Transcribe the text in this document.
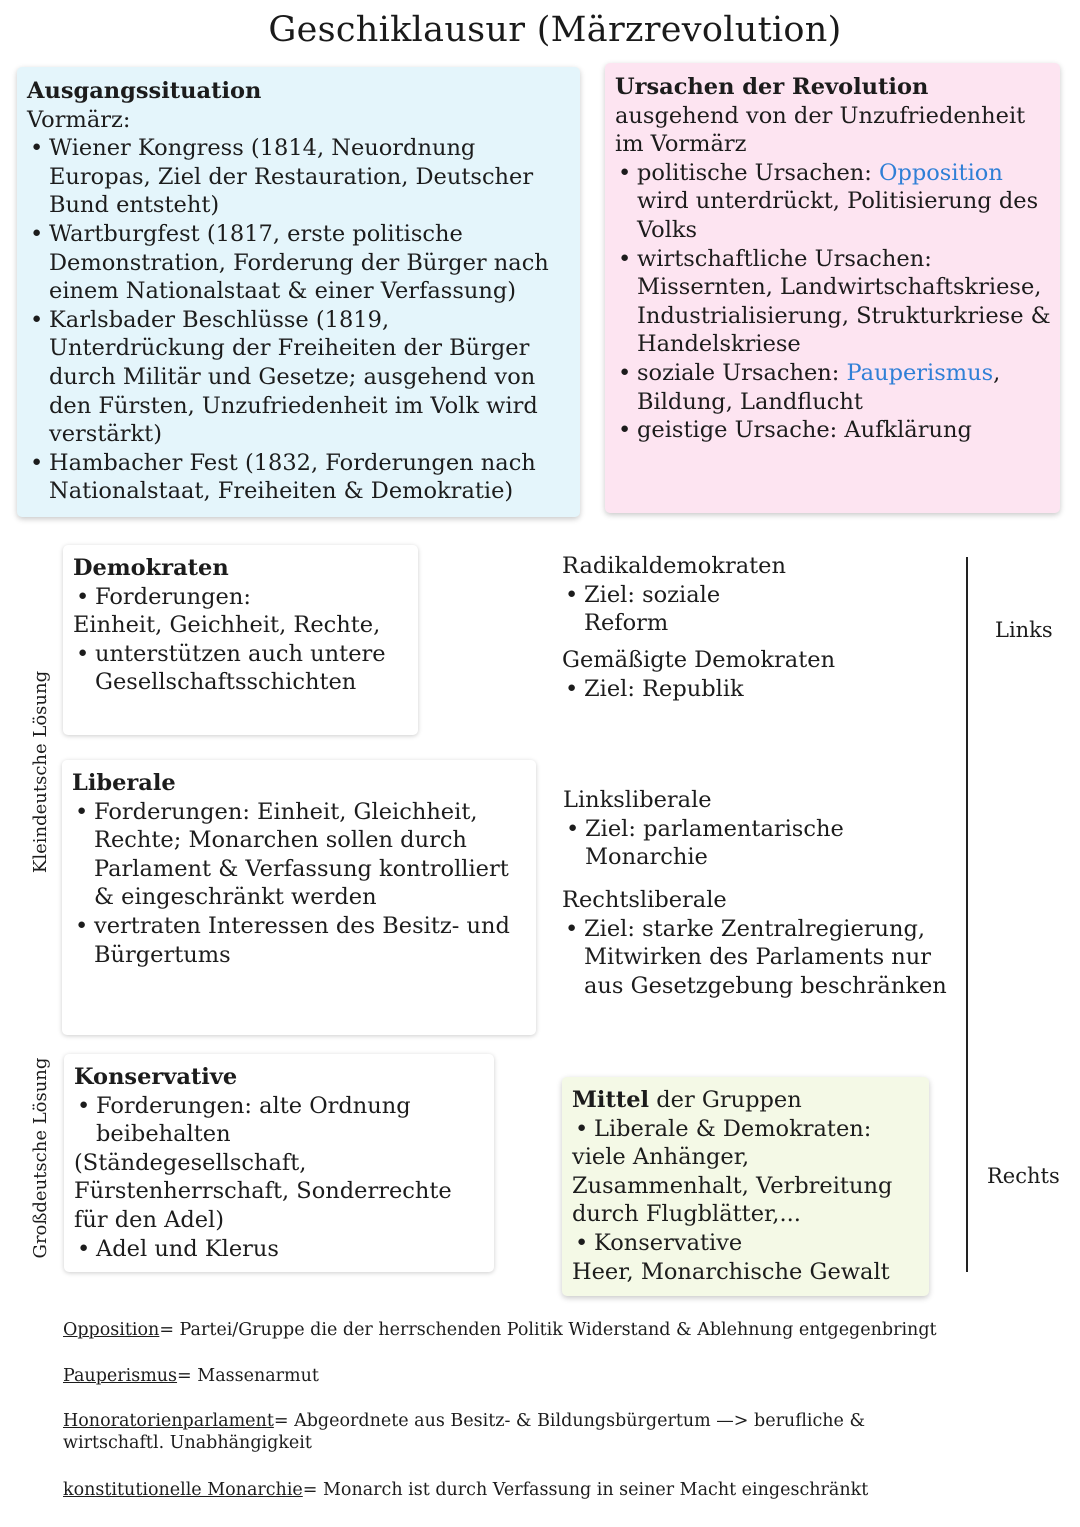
Geschiklausur (Märzrevolution)
Ausgangssituation
Vormärz:
• Wiener Kongress (1814, Neuordnung Europas, Ziel der Restauration, Deutscher Bund entsteht)
• Wartburgfest (1817, erste politische Demonstration, Forderung der Bürger nach einem Nationalstaat & einer Verfassung)
• Karlsbader Beschlüsse (1819, Unterdrückung der Freiheiten der Bürger durch Militär und Gesetze; ausgehend von den Fürsten, Unzufriedenheit im Volk wird verstärkt)
• Hambacher Fest (1832, Forderungen nach Nationalstaat, Freiheiten & Demokratie)
Ursachen der Revolution ausgehend von der Unzufriedenheit im Vormärz
• politische Ursachen: Opposition wird unterdrückt, Politisierung des Volks
• wirtschaftliche Ursachen: Missernten, Landwirtschaftskriese, Industrialisierung, Strukturkriese & Handelskriese
• soziale Ursachen: Pauperismus, Bildung, Landflucht
• geistige Ursache: Aufklärung
Kleindeutsche Lösung
Großdeutsche Lösung
Demokraten
• Forderungen:
Einheit, Geichheit, Rechte,
• unterstützen auch untere Gesellschaftsschichten
Liberale
• Forderungen: Einheit, Gleichheit, Rechte; Monarchen sollen durch Parlament & Verfassung kontrolliert & eingeschränkt werden
• vertraten Interessen des Besitz- und Bürgertums
Konservative
• Forderungen: alte Ordnung beibehalten
(Ständegesellschaft, Fürstenherrschaft, Sonderrechte für den Adel)
• Adel und Klerus
Radikaldemokraten
• Ziel: soziale Reform
Gemäßigte Demokraten
• Ziel: Republik
Linksliberale
• Ziel: parlamentarische Monarchie
Rechtsliberale
• Ziel: starke Zentralregierung, Mitwirken des Parlaments nur aus Gesetzgebung beschränken
Mittel der Gruppen
• Liberale & Demokraten:
viele Anhänger, Zusammenhalt, Verbreitung durch Flugblätter,...
• Konservative
Heer, Monarchische Gewalt
Links
Rechts
Opposition= Partei/Gruppe die der herrschenden Politik Widerstand & Ablehnung entgegenbringt
Pauperismus= Massenarmut
Honoratorienparlament= Abgeordnete aus Besitz- & Bildungsbürgertum —> berufliche & wirtschaftl. Unabhängigkeit
konstitutionelle Monarchie= Monarch ist durch Verfassung in seiner Macht eingeschränkt
